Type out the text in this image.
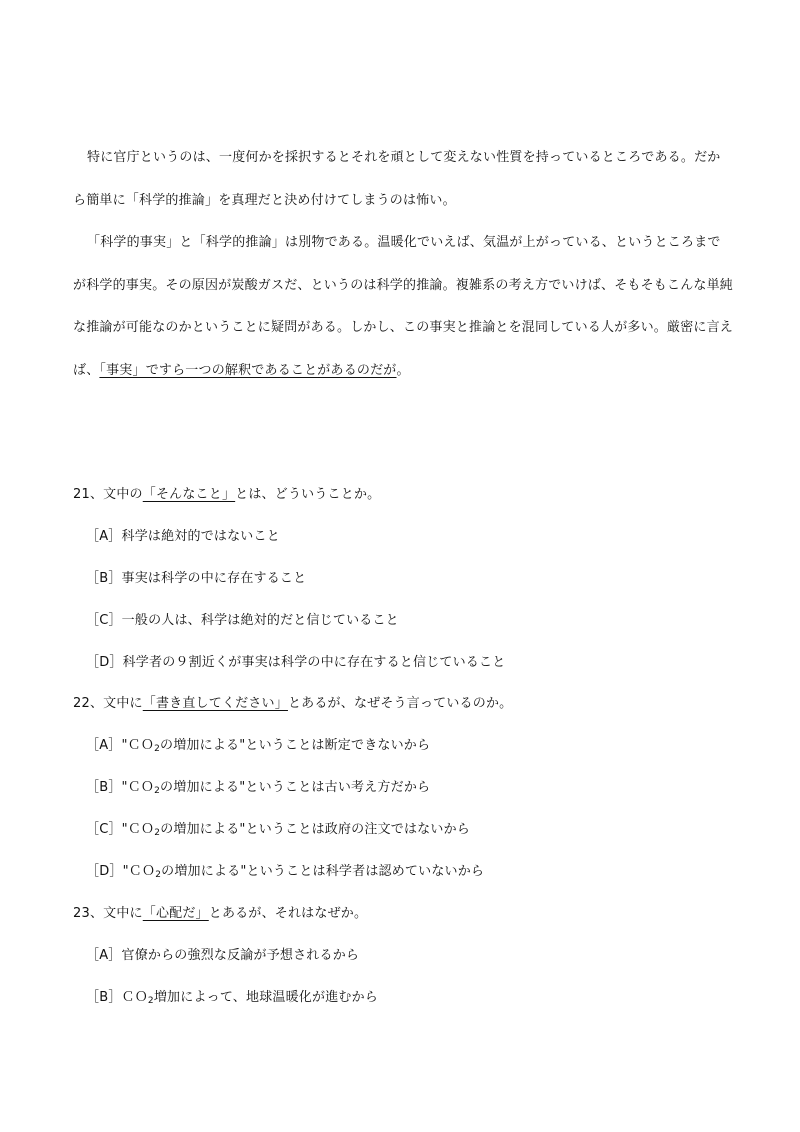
特に官庁というのは、一度何かを採択するとそれを頑として変えない性質を持っているところである。だから簡単に「科学的推論」を真理だと決め付けてしまうのは怖い。
「科学的事実」と「科学的推論」は別物である。温暖化でいえば、気温が上がっている、というところまでが科学的事実。その原因が炭酸ガスだ、というのは科学的推論。複雑系の考え方でいけば、そもそもこんな単純な推論が可能なのかということに疑問がある。しかし、この事実と推論とを混同している人が多い。厳密に言えば、「事実」ですら一つの解釈であることがあるのだが。
21、文中の「そんなこと」とは、どういうことか。
［A］科学は絶対的ではないこと
［B］事実は科学の中に存在すること
［C］一般の人は、科学は絶対的だと信じていること
［D］科学者の９割近くが事実は科学の中に存在すると信じていること
22、文中に「書き直してください」とあるが、なぜそう言っているのか。
［A］"ＣＯ$_2$の増加による"ということは断定できないから
［B］"ＣＯ$_2$の増加による"ということは古い考え方だから
［C］"ＣＯ$_2$の増加による"ということは政府の注文ではないから
［D］"ＣＯ$_2$の増加による"ということは科学者は認めていないから
23、文中に「心配だ」とあるが、それはなぜか。
［A］官僚からの強烈な反論が予想されるから
［B］ＣＯ$_2$増加によって、地球温暖化が進むから
